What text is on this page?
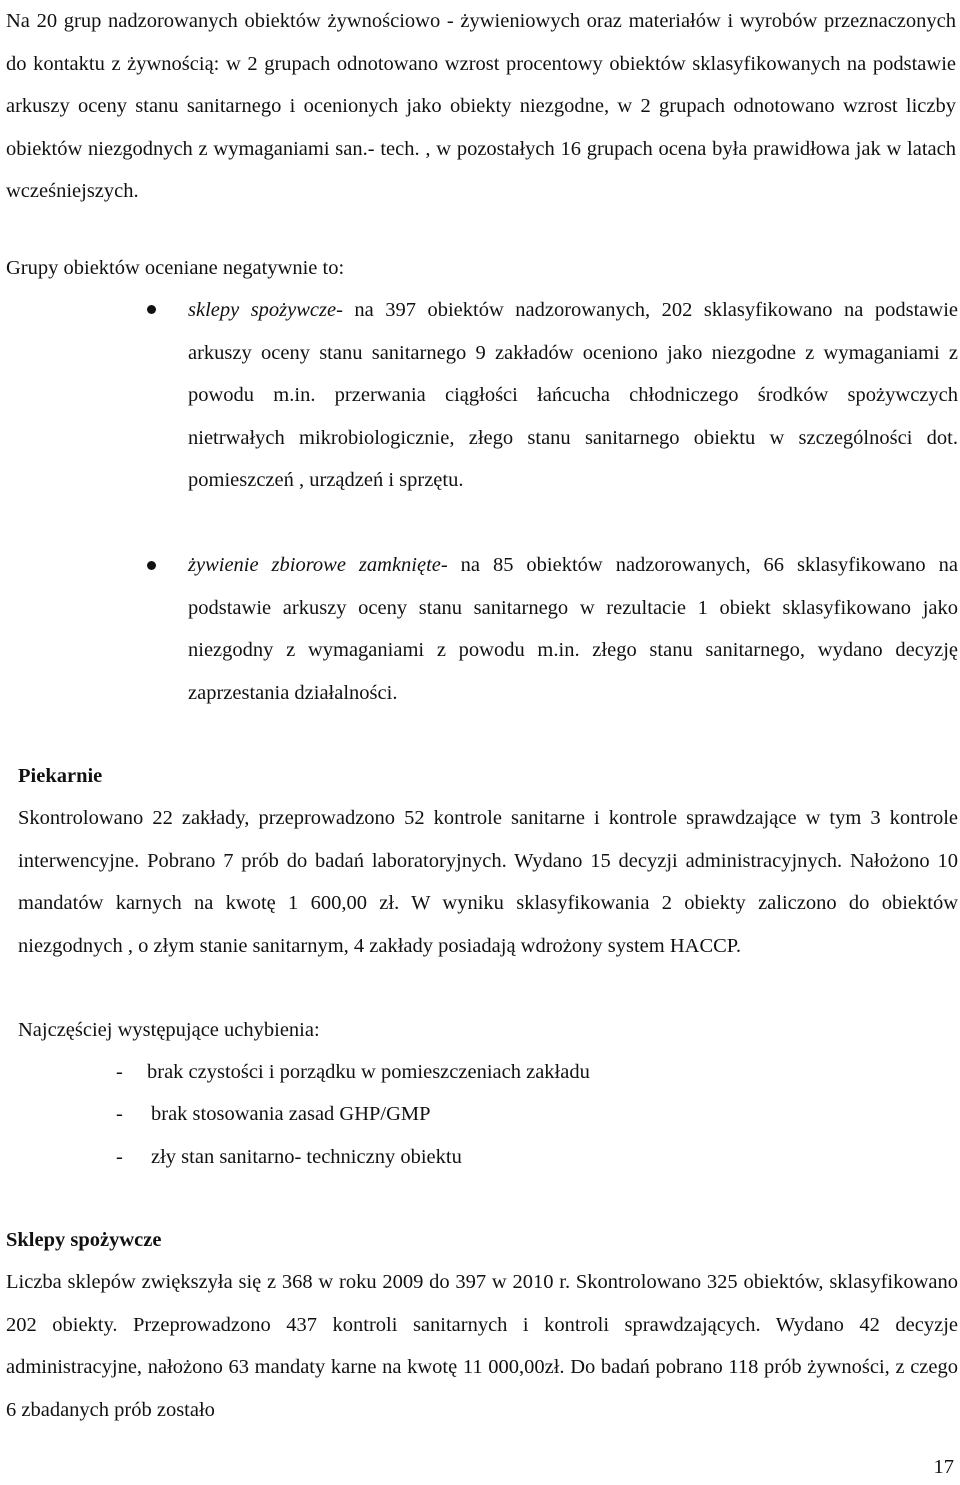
Na 20 grup nadzorowanych obiektów żywnościowo - żywieniowych oraz materiałów i wyrobów przeznaczonych do kontaktu z żywnością: w 2 grupach odnotowano wzrost procentowy obiektów sklasyfikowanych na podstawie arkuszy oceny stanu sanitarnego i ocenionych jako obiekty niezgodne, w 2 grupach odnotowano wzrost liczby obiektów niezgodnych z wymaganiami san.- tech. , w pozostałych 16 grupach ocena była prawidłowa jak w latach wcześniejszych.

Grupy obiektów oceniane negatywnie to:

sklepy spożywcze- na 397 obiektów nadzorowanych, 202 sklasyfikowano na podstawie arkuszy oceny stanu sanitarnego 9 zakładów oceniono jako niezgodne z wymaganiami z powodu m.in. przerwania ciągłości łańcucha chłodniczego środków spożywczych nietrwałych mikrobiologicznie, złego stanu sanitarnego obiektu w szczególności dot. pomieszczeń , urządzeń i sprzętu.

żywienie zbiorowe zamknięte- na 85 obiektów nadzorowanych, 66 sklasyfikowano na podstawie arkuszy oceny stanu sanitarnego w rezultacie 1 obiekt sklasyfikowano jako niezgodny z wymaganiami z powodu m.in. złego stanu sanitarnego, wydano decyzję zaprzestania działalności.

Piekarnie

Skontrolowano 22 zakłady, przeprowadzono 52 kontrole sanitarne i kontrole sprawdzające w tym 3 kontrole interwencyjne. Pobrano 7 prób do badań laboratoryjnych. Wydano 15 decyzji administracyjnych. Nałożono 10 mandatów karnych na kwotę 1 600,00 zł. W wyniku sklasyfikowania 2 obiekty zaliczono do obiektów niezgodnych , o złym stanie sanitarnym, 4 zakłady posiadają wdrożony system HACCP.

Najczęściej występujące uchybienia:

- brak czystości i porządku w pomieszczeniach zakładu
- brak stosowania zasad GHP/GMP
- zły stan sanitarno- techniczny obiektu
Sklepy spożywcze

Liczba sklepów zwiększyła się z 368 w roku 2009 do 397 w 2010 r. Skontrolowano 325 obiektów, sklasyfikowano 202 obiekty. Przeprowadzono 437 kontroli sanitarnych i kontroli sprawdzających. Wydano 42 decyzje administracyjne, nałożono 63 mandaty karne na kwotę 11 000,00zł. Do badań pobrano 118 prób żywności, z czego 6 zbadanych prób zostało

17
